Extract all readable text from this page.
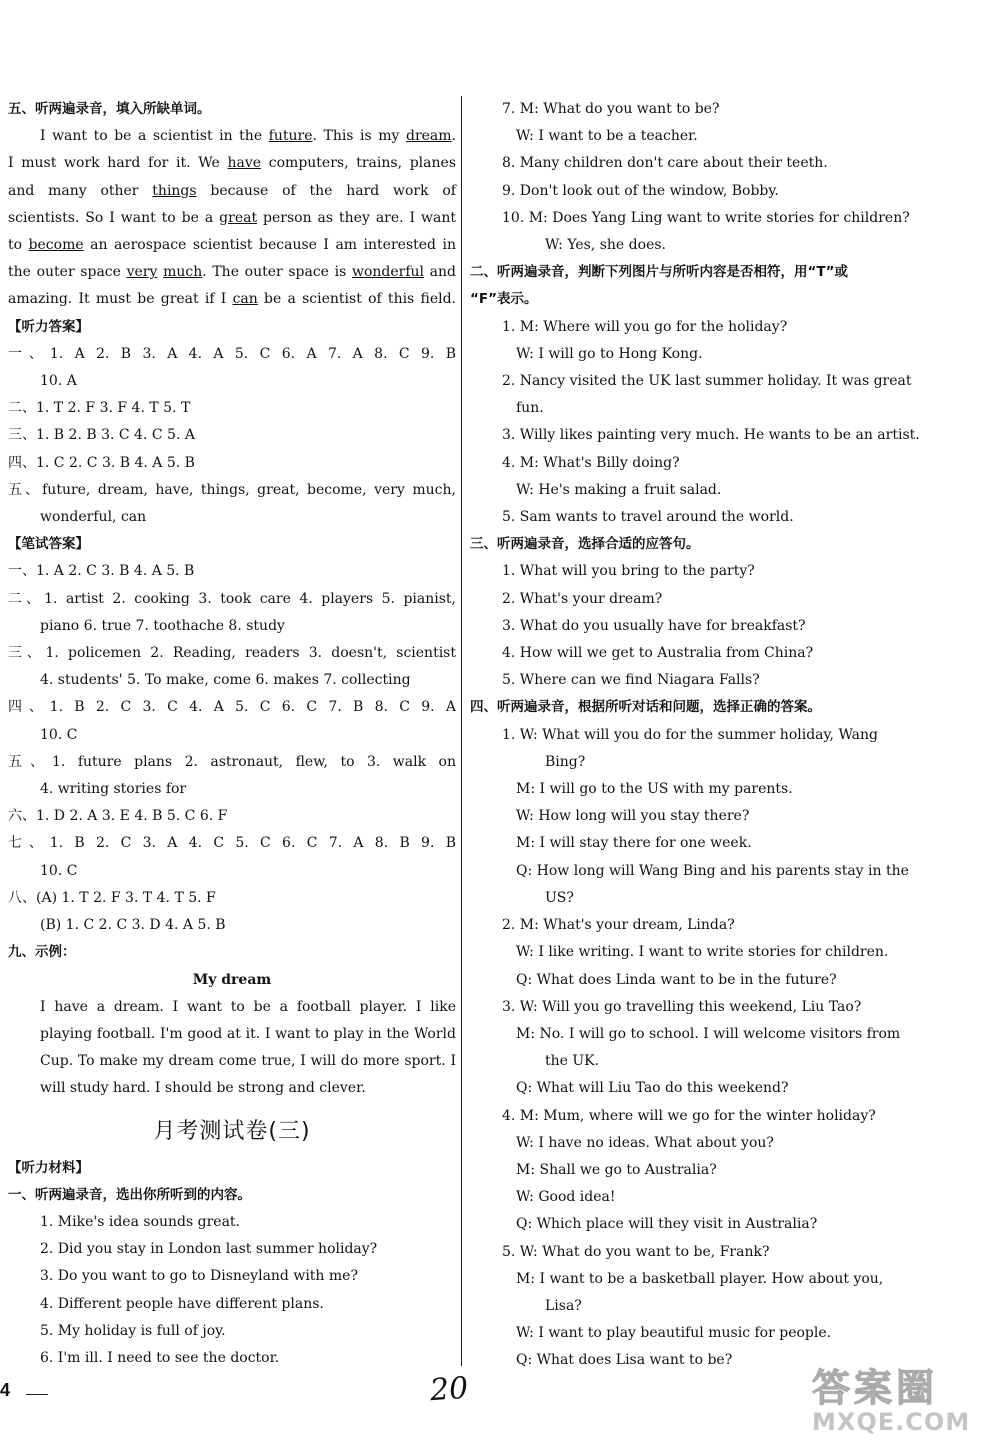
五、听两遍录音，填入所缺单词。
I want to be a scientist in the future. This is my dream.
I must work hard for it. We have computers, trains, planes
and many other things because of the hard work of
scientists. So I want to be a great person as they are. I want
to become an aerospace scientist because I am interested in
the outer space very much. The outer space is wonderful and
amazing. It must be great if I can be a scientist of this field.
【听力答案】
一、1. A 2. B 3. A 4. A 5. C 6. A 7. A 8. C 9. B
10. A
二、1. T 2. F 3. F 4. T 5. T
三、1. B 2. B 3. C 4. C 5. A
四、1. C 2. C 3. B 4. A 5. B
五、future, dream, have, things, great, become, very much,
wonderful, can
【笔试答案】
一、1. A 2. C 3. B 4. A 5. B
二、1. artist 2. cooking 3. took care 4. players 5. pianist,
piano 6. true 7. toothache 8. study
三、1. policemen 2. Reading, readers 3. doesn't, scientist
4. students' 5. To make, come 6. makes 7. collecting
四、1. B 2. C 3. C 4. A 5. C 6. C 7. B 8. C 9. A
10. C
五、1. future plans 2. astronaut, flew, to 3. walk on
4. writing stories for
六、1. D 2. A 3. E 4. B 5. C 6. F
七、1. B 2. C 3. A 4. C 5. C 6. C 7. A 8. B 9. B
10. C
八、(A) 1. T 2. F 3. T 4. T 5. F
(B) 1. C 2. C 3. D 4. A 5. B
九、示例：
My dream
I have a dream. I want to be a football player. I like
playing football. I'm good at it. I want to play in the World
Cup. To make my dream come true, I will do more sport. I
will study hard. I should be strong and clever.
月考测试卷(三)
【听力材料】
一、听两遍录音，选出你所听到的内容。
1. Mike's idea sounds great.
2. Did you stay in London last summer holiday?
3. Do you want to go to Disneyland with me?
4. Different people have different plans.
5. My holiday is full of joy.
6. I'm ill. I need to see the doctor.
7. M: What do you want to be?
W: I want to be a teacher.
8. Many children don't care about their teeth.
9. Don't look out of the window, Bobby.
10. M: Does Yang Ling want to write stories for children?
W: Yes, she does.
二、听两遍录音，判断下列图片与所听内容是否相符，用“T”或
“F”表示。
1. M: Where will you go for the holiday?
W: I will go to Hong Kong.
2. Nancy visited the UK last summer holiday. It was great
fun.
3. Willy likes painting very much. He wants to be an artist.
4. M: What's Billy doing?
W: He's making a fruit salad.
5. Sam wants to travel around the world.
三、听两遍录音，选择合适的应答句。
1. What will you bring to the party?
2. What's your dream?
3. What do you usually have for breakfast?
4. How will we get to Australia from China?
5. Where can we find Niagara Falls?
四、听两遍录音，根据所听对话和问题，选择正确的答案。
1. W: What will you do for the summer holiday, Wang
Bing?
M: I will go to the US with my parents.
W: How long will you stay there?
M: I will stay there for one week.
Q: How long will Wang Bing and his parents stay in the
US?
2. M: What's your dream, Linda?
W: I like writing. I want to write stories for children.
Q: What does Linda want to be in the future?
3. W: Will you go travelling this weekend, Liu Tao?
M: No. I will go to school. I will welcome visitors from
the UK.
Q: What will Liu Tao do this weekend?
4. M: Mum, where will we go for the winter holiday?
W: I have no ideas. What about you?
M: Shall we go to Australia?
W: Good idea!
Q: Which place will they visit in Australia?
5. W: What do you want to be, Frank?
M: I want to be a basketball player. How about you,
Lisa?
W: I want to play beautiful music for people.
Q: What does Lisa want to be?
4	20	答案圈
MXQE.COM
